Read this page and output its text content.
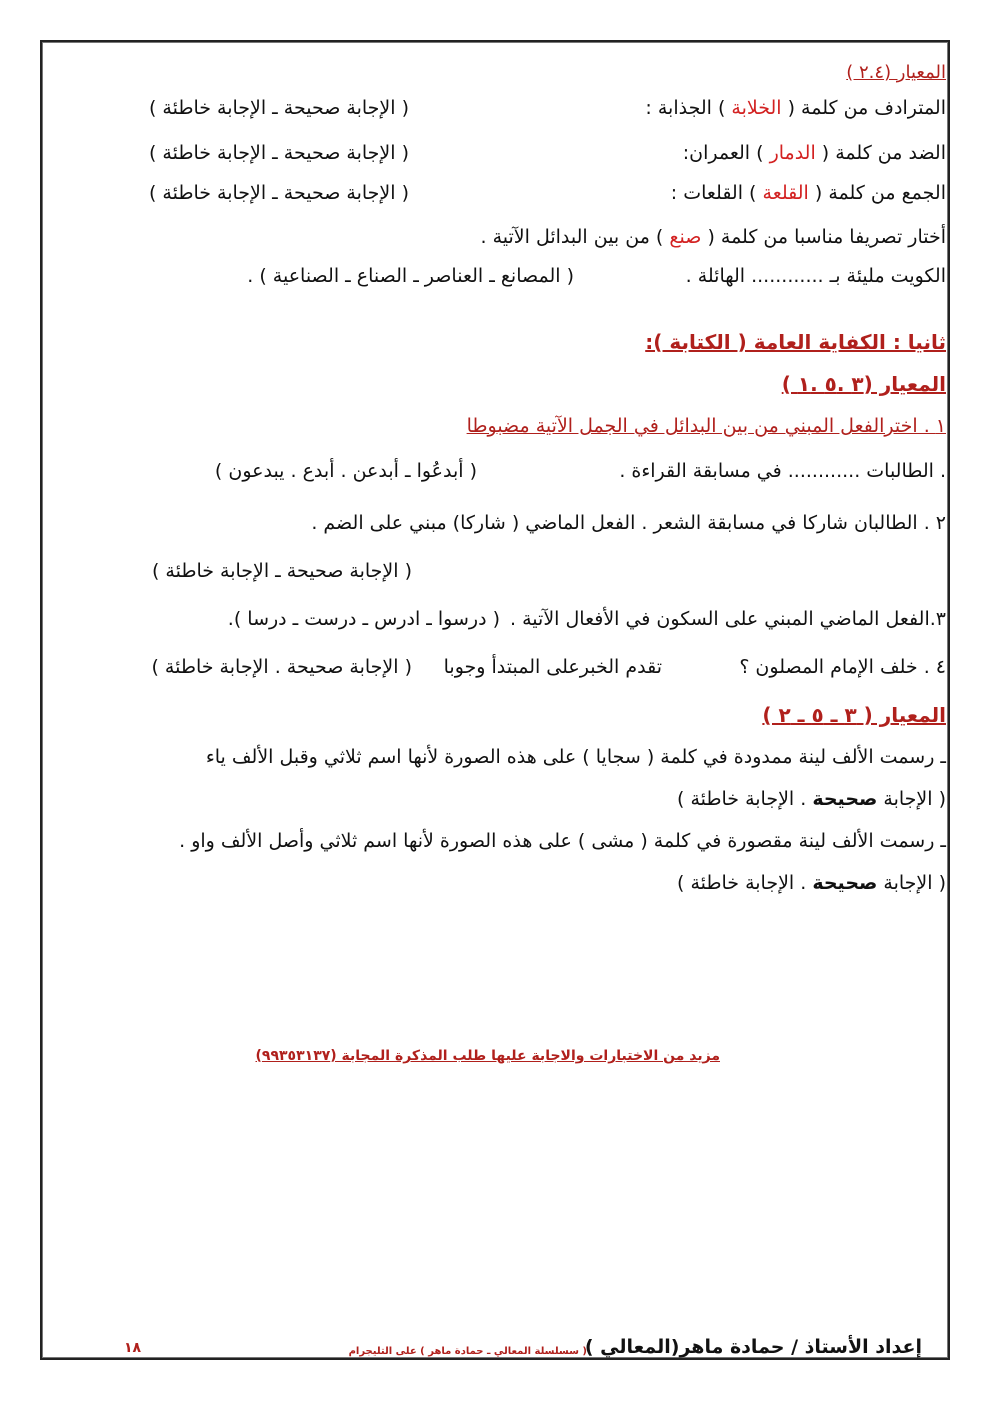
المعيار (٢.٤ )
المترادف من كلمة ( الخلابة ) الجذابة :
( الإجابة صحيحة ـ الإجابة خاطئة )
الضد من كلمة ( الدمار ) العمران:
( الإجابة صحيحة ـ الإجابة خاطئة )
الجمع من كلمة ( القلعة ) القلعات :
( الإجابة صحيحة ـ الإجابة خاطئة )
أختار تصريفا مناسبا من كلمة ( صنع ) من بين البدائل الآتية .
الكويت مليئة بـ ............ الهائلة .
( المصانع ـ العناصر ـ الصناع ـ الصناعية ) .
ثانيا : الكفاية العامة ( الكتابة ):
المعيار (٣ .٥ .١ )
١ . اخترالفعل المبني من بين البدائل في الجمل الآتية مضبوطا
. الطالبات ............ في مسابقة القراءة .
( أبدعُوا ـ أبدعن . أبدع . يبدعون )
٢ . الطالبان شاركا في مسابقة الشعر . الفعل الماضي ( شاركا) مبني على الضم .
( الإجابة صحيحة ـ الإجابة خاطئة )
٣.الفعل الماضي المبني على السكون في الأفعال الآتية .
( درسوا ـ ادرس ـ درست ـ درسا ).
٤ . خلف الإمام المصلون ؟
تقدم الخبرعلى المبتدأ وجوبا
( الإجابة صحيحة . الإجابة خاطئة )
المعيار ( ٣ ـ ٥ ـ ٢ )
ـ رسمت الألف لينة ممدودة في كلمة ( سجايا ) على هذه الصورة لأنها اسم ثلاثي وقبل الألف ياء
( الإجابة صحيحة . الإجابة خاطئة )
ـ رسمت الألف لينة مقصورة في كلمة ( مشى ) على هذه الصورة لأنها اسم ثلاثي وأصل الألف واو .
( الإجابة صحيحة . الإجابة خاطئة )
مزيد من الاختبارات والاجابة عليها طلب المذكرة المجابة (٩٩٣٥٣١٣٧)
إعداد الأستاذ / حمادة ماهر(المعالي )
( سسلسلة المعالي ـ حمادة ماهر ) على التليجرام
١٨
